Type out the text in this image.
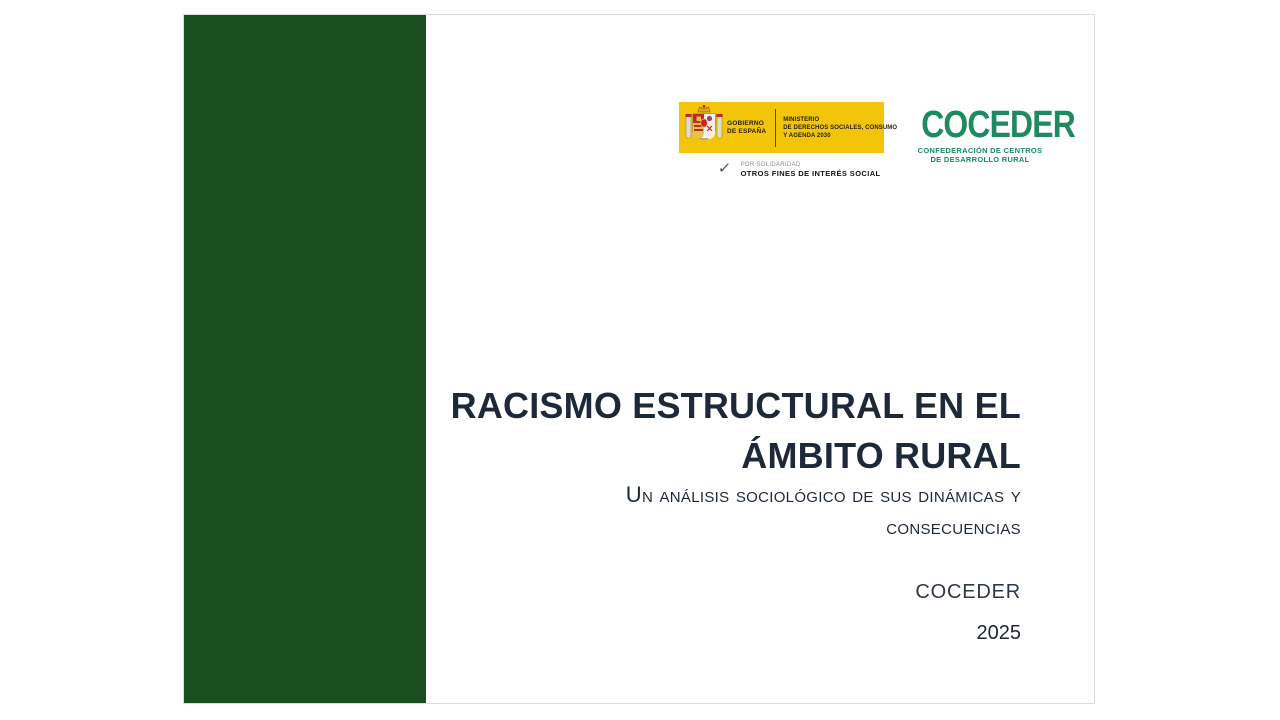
GOBIERNO
DE ESPAÑA
MINISTERIO
DE DERECHOS SOCIALES, CONSUMO
Y AGENDA 2030
✓ POR SOLIDARIDAD
OTROS FINES DE INTERÉS SOCIAL
COCEDER
CONFEDERACIÓN DE CENTROS
DE DESARROLLO RURAL
RACISMO ESTRUCTURAL EN EL
ÁMBITO RURAL
Un análisis sociológico de sus dinámicas y
consecuencias
COCEDER
2025
